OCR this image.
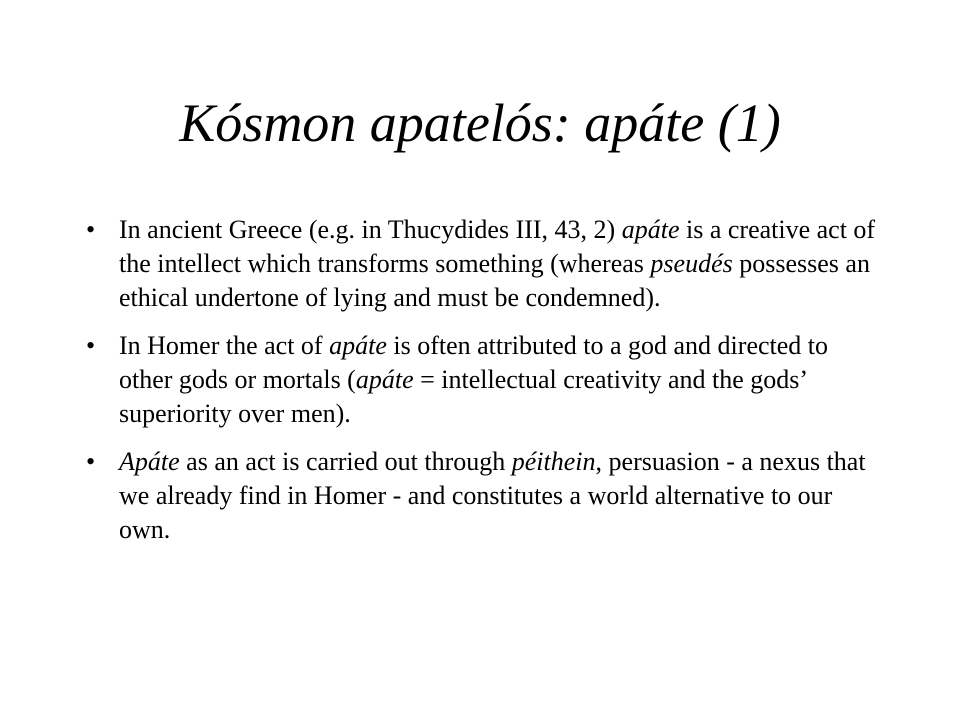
Kósmon apatelós: apáte (1)
• In ancient Greece (e.g. in Thucydides III, 43, 2) apáte is a creative act of the intellect which transforms something (whereas pseudés possesses an ethical undertone of lying and must be condemned).
• In Homer the act of apáte is often attributed to a god and directed to other gods or mortals (apáte = intellectual creativity and the gods’ superiority over men).
• Apáte as an act is carried out through péithein, persuasion - a nexus that we already find in Homer - and constitutes a world alternative to our own.
